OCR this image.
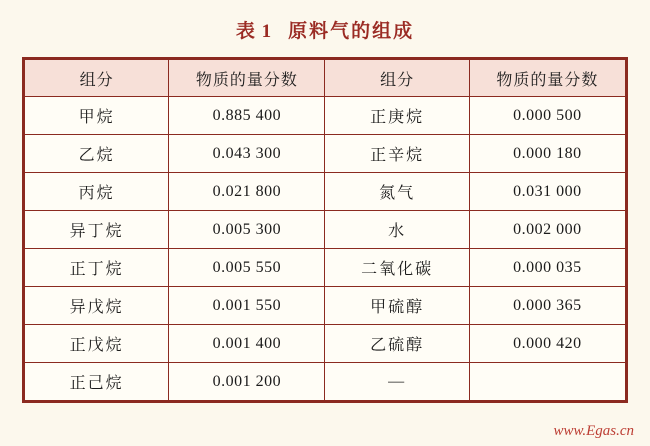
表 1 原料气的组成
组分	物质的量分数	组分	物质的量分数
甲烷	0.885 400	正庚烷	0.000 500
乙烷	0.043 300	正辛烷	0.000 180
丙烷	0.021 800	氮气	0.031 000
异丁烷	0.005 300	水	0.002 000
正丁烷	0.005 550	二氧化碳	0.000 035
异戊烷	0.001 550	甲硫醇	0.000 365
正戊烷	0.001 400	乙硫醇	0.000 420
正己烷	0.001 200	—	
www.Egas.cn
